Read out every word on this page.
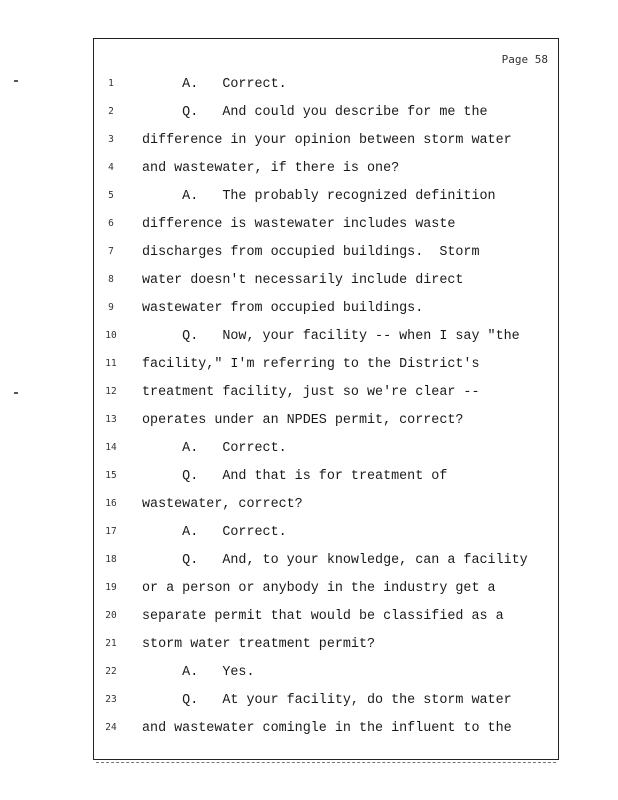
Page 58
1	A.   Correct.
2	Q.   And could you describe for me the
3	difference in your opinion between storm water
4	and wastewater, if there is one?
5	A.   The probably recognized definition
6	difference is wastewater includes waste
7	discharges from occupied buildings.  Storm
8	water doesn't necessarily include direct
9	wastewater from occupied buildings.
10	Q.   Now, your facility -- when I say "the
11	facility," I'm referring to the District's
12	treatment facility, just so we're clear --
13	operates under an NPDES permit, correct?
14	A.   Correct.
15	Q.   And that is for treatment of
16	wastewater, correct?
17	A.   Correct.
18	Q.   And, to your knowledge, can a facility
19	or a person or anybody in the industry get a
20	separate permit that would be classified as a
21	storm water treatment permit?
22	A.   Yes.
23	Q.   At your facility, do the storm water
24	and wastewater comingle in the influent to the
